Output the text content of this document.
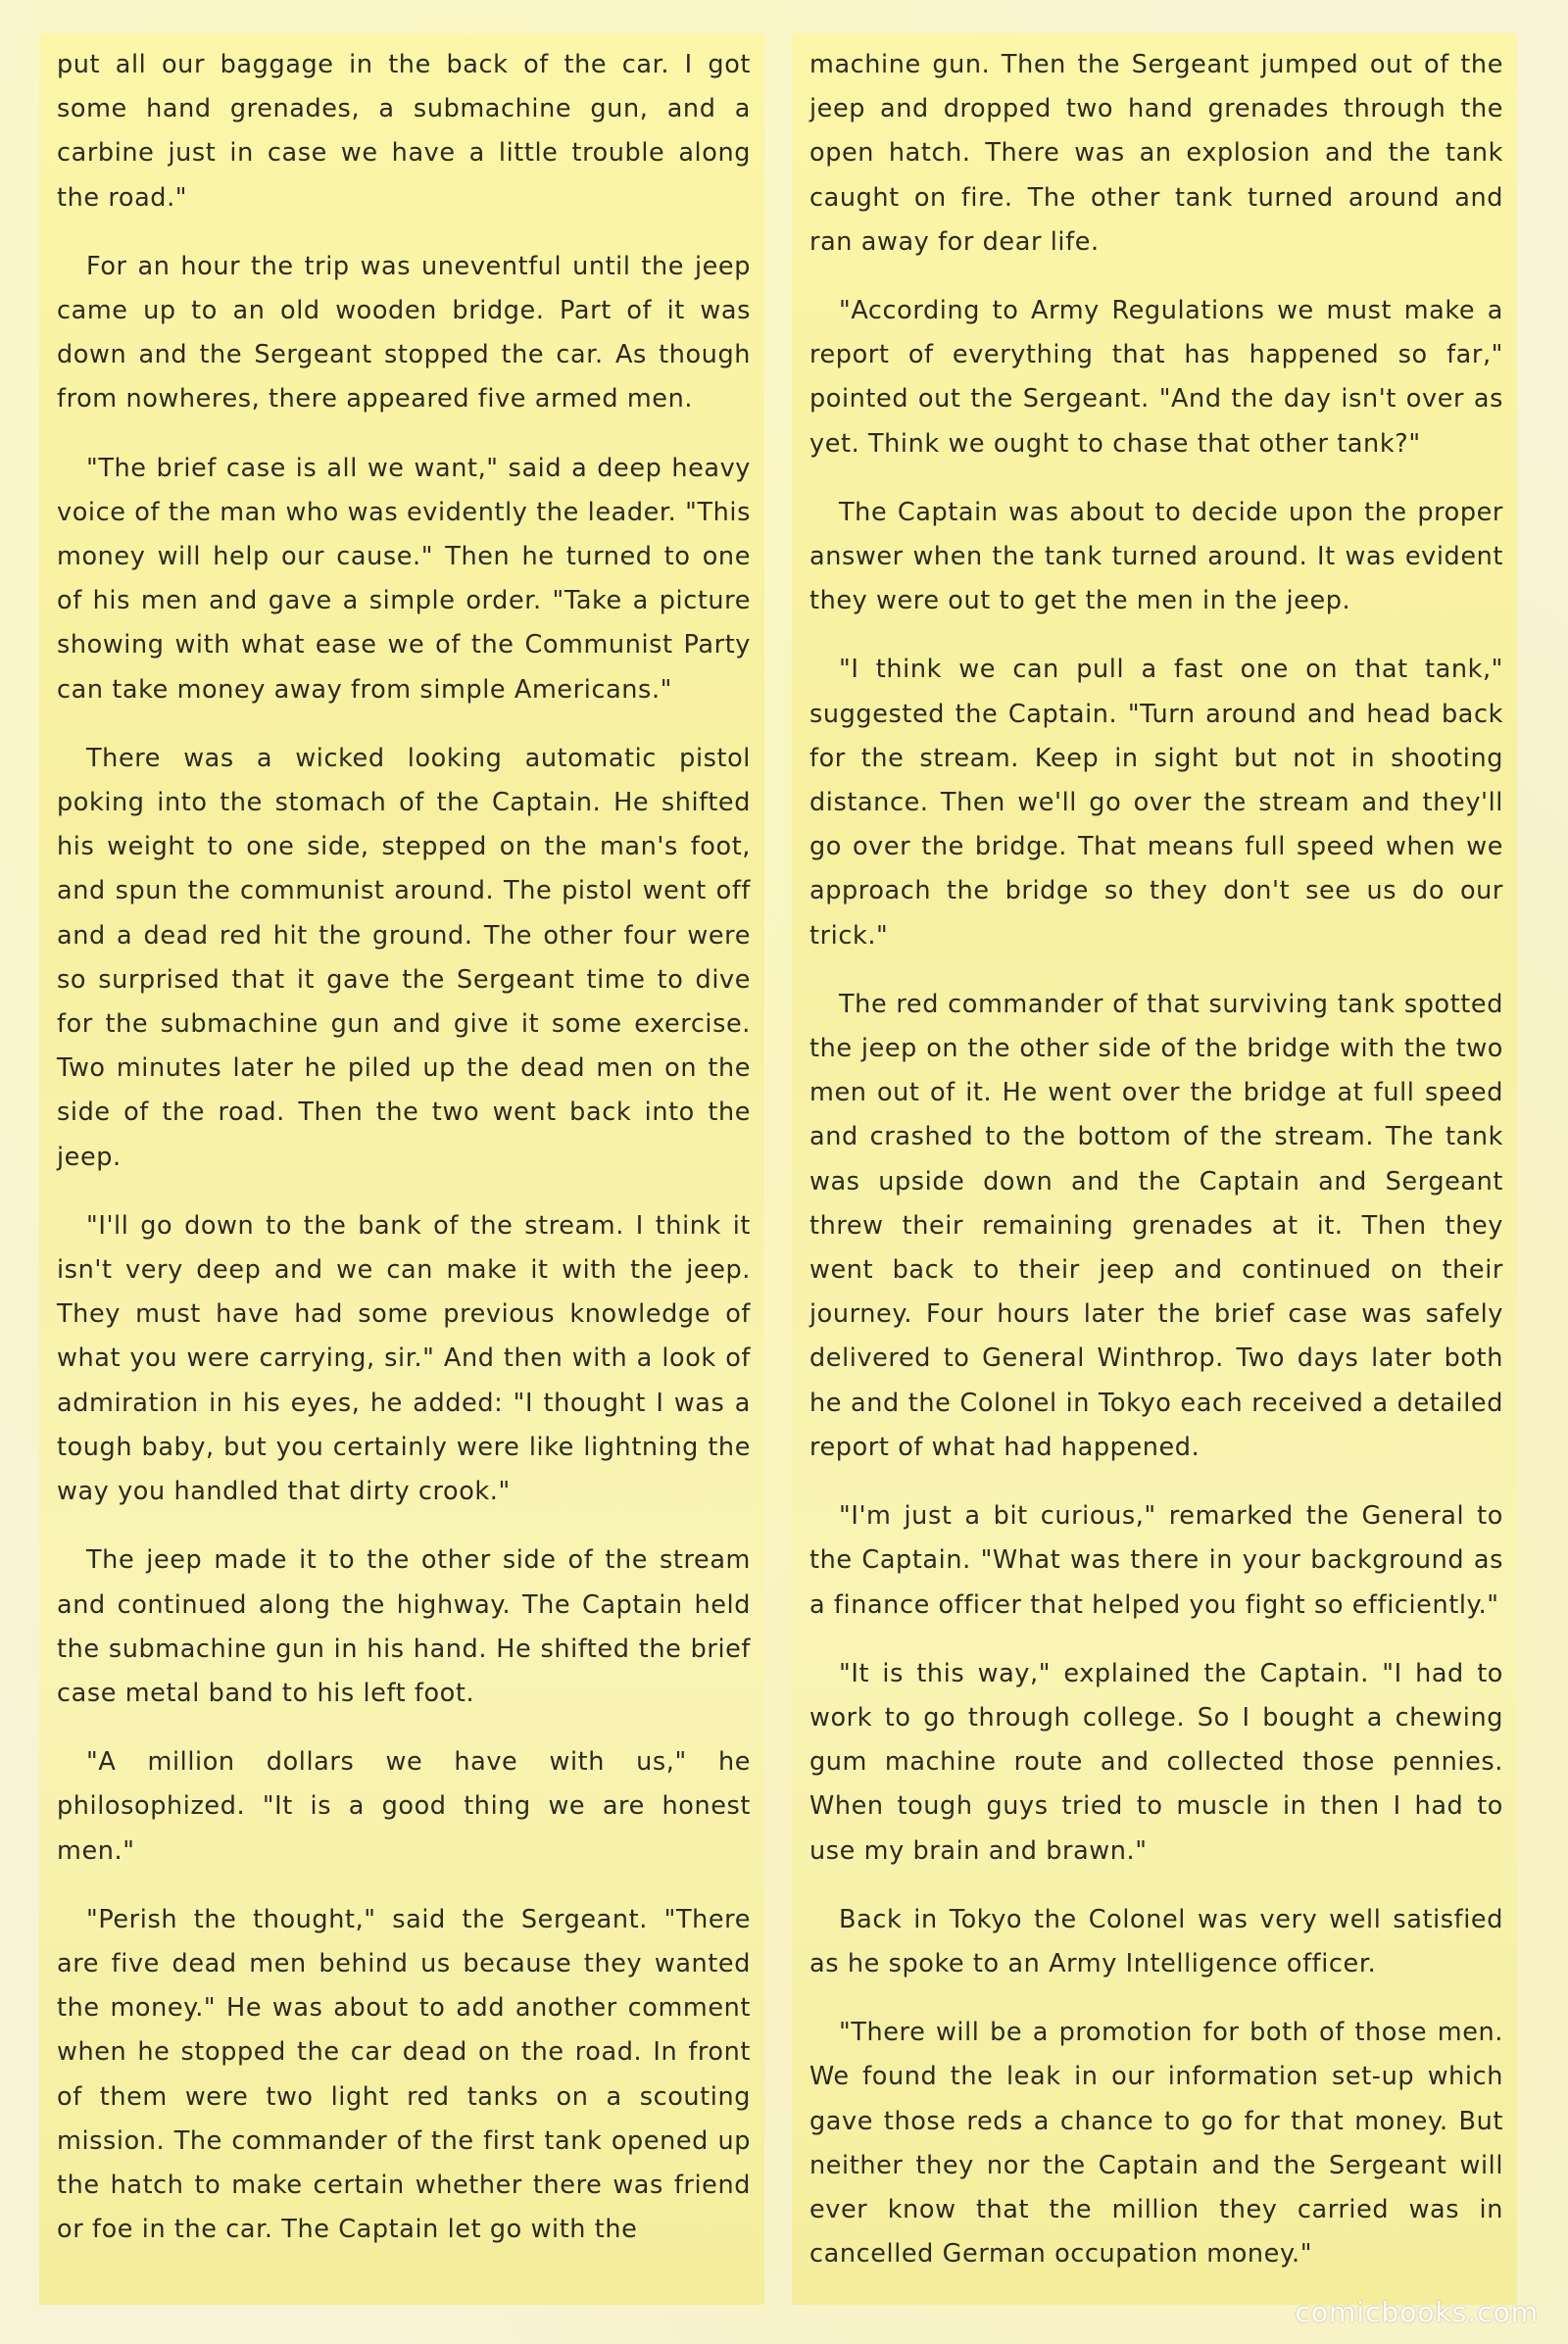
put all our baggage in the back of the car. I got some hand grenades, a submachine gun, and a carbine just in case we have a little trouble along the road."

For an hour the trip was uneventful until the jeep came up to an old wooden bridge. Part of it was down and the Sergeant stopped the car. As though from nowheres, there appeared five armed men.

"The brief case is all we want," said a deep heavy voice of the man who was evidently the leader. "This money will help our cause." Then he turned to one of his men and gave a simple order. "Take a picture showing with what ease we of the Communist Party can take money away from simple Americans."

There was a wicked looking automatic pistol poking into the stomach of the Captain. He shifted his weight to one side, stepped on the man's foot, and spun the communist around. The pistol went off and a dead red hit the ground. The other four were so surprised that it gave the Sergeant time to dive for the submachine gun and give it some exercise. Two minutes later he piled up the dead men on the side of the road. Then the two went back into the jeep.

"I'll go down to the bank of the stream. I think it isn't very deep and we can make it with the jeep. They must have had some previous knowledge of what you were carrying, sir." And then with a look of admiration in his eyes, he added: "I thought I was a tough baby, but you certainly were like lightning the way you handled that dirty crook."

The jeep made it to the other side of the stream and continued along the highway. The Captain held the submachine gun in his hand. He shifted the brief case metal band to his left foot.

"A million dollars we have with us," he philosophized. "It is a good thing we are honest men."

"Perish the thought," said the Sergeant. "There are five dead men behind us because they wanted the money." He was about to add another comment when he stopped the car dead on the road. In front of them were two light red tanks on a scouting mission. The commander of the first tank opened up the hatch to make certain whether there was friend or foe in the car. The Captain let go with the

machine gun. Then the Sergeant jumped out of the jeep and dropped two hand grenades through the open hatch. There was an explosion and the tank caught on fire. The other tank turned around and ran away for dear life.

"According to Army Regulations we must make a report of everything that has happened so far," pointed out the Sergeant. "And the day isn't over as yet. Think we ought to chase that other tank?"

The Captain was about to decide upon the proper answer when the tank turned around. It was evident they were out to get the men in the jeep.

"I think we can pull a fast one on that tank," suggested the Captain. "Turn around and head back for the stream. Keep in sight but not in shooting distance. Then we'll go over the stream and they'll go over the bridge. That means full speed when we approach the bridge so they don't see us do our trick."

The red commander of that surviving tank spotted the jeep on the other side of the bridge with the two men out of it. He went over the bridge at full speed and crashed to the bottom of the stream. The tank was upside down and the Captain and Sergeant threw their remaining grenades at it. Then they went back to their jeep and continued on their journey. Four hours later the brief case was safely delivered to General Winthrop. Two days later both he and the Colonel in Tokyo each received a detailed report of what had happened.

"I'm just a bit curious," remarked the General to the Captain. "What was there in your background as a finance officer that helped you fight so efficiently."

"It is this way," explained the Captain. "I had to work to go through college. So I bought a chewing gum machine route and collected those pennies. When tough guys tried to muscle in then I had to use my brain and brawn."

Back in Tokyo the Colonel was very well satisfied as he spoke to an Army Intelligence officer.

"There will be a promotion for both of those men. We found the leak in our information set-up which gave those reds a chance to go for that money. But neither they nor the Captain and the Sergeant will ever know that the million they carried was in cancelled German occupation money."

comicbooks.com
